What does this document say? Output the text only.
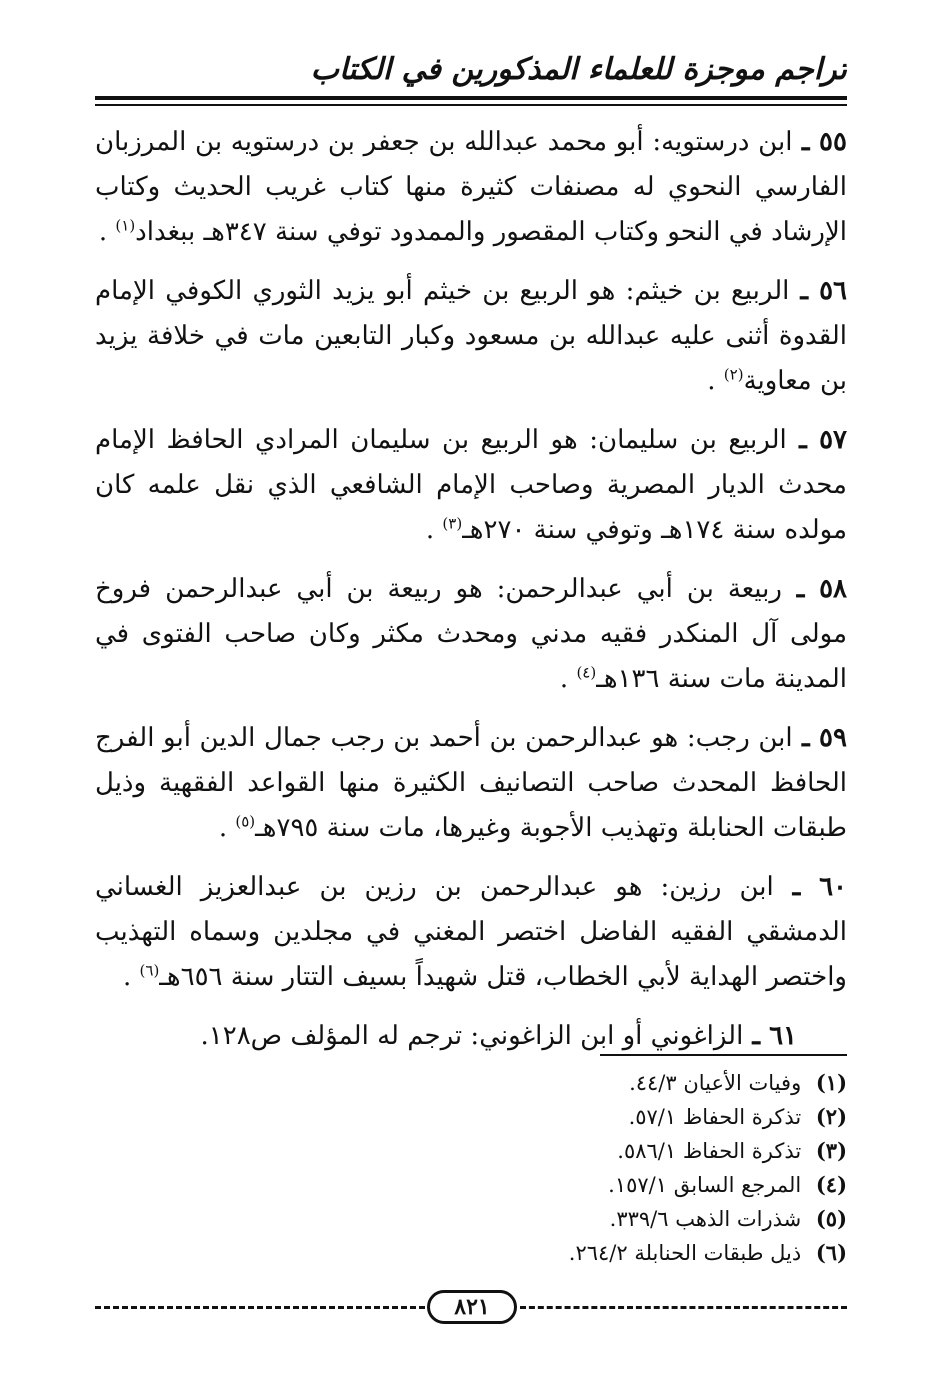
تراجم موجزة للعلماء المذكورين في الكتاب

٥٥ ـ ابن درستويه: أبو محمد عبدالله بن جعفر بن درستويه بن المرزبان الفارسي النحوي له مصنفات كثيرة منها كتاب غريب الحديث وكتاب الإرشاد في النحو وكتاب المقصور والممدود توفي سنة ٣٤٧هـ ببغداد$^{(١)}$ .

٥٦ ـ الربيع بن خيثم: هو الربيع بن خيثم أبو يزيد الثوري الكوفي الإمام القدوة أثنى عليه عبدالله بن مسعود وكبار التابعين مات في خلافة يزيد بن معاوية$^{(٢)}$ .

٥٧ ـ الربيع بن سليمان: هو الربيع بن سليمان المرادي الحافظ الإمام محدث الديار المصرية وصاحب الإمام الشافعي الذي نقل علمه كان مولده سنة ١٧٤هـ وتوفي سنة ٢٧٠هـ$^{(٣)}$ .

٥٨ ـ ربيعة بن أبي عبدالرحمن: هو ربيعة بن أبي عبدالرحمن فروخ مولى آل المنكدر فقيه مدني ومحدث مكثر وكان صاحب الفتوى في المدينة مات سنة ١٣٦هـ$^{(٤)}$ .

٥٩ ـ ابن رجب: هو عبدالرحمن بن أحمد بن رجب جمال الدين أبو الفرج الحافظ المحدث صاحب التصانيف الكثيرة منها القواعد الفقهية وذيل طبقات الحنابلة وتهذيب الأجوبة وغيرها، مات سنة ٧٩٥هـ$^{(٥)}$ .

٦٠ ـ ابن رزين: هو عبدالرحمن بن رزين بن عبدالعزيز الغساني الدمشقي الفقيه الفاضل اختصر المغني في مجلدين وسماه التهذيب واختصر الهداية لأبي الخطاب، قتل شهيداً بسيف التتار سنة ٦٥٦هـ$^{(٦)}$ .

٦١ ـ الزاغوني أو ابن الزاغوني: ترجم له المؤلف ص١٢٨.

(١)وفيات الأعيان ٤٤/٣.
(٢)تذكرة الحفاظ ٥٧/١.
(٣)تذكرة الحفاظ ٥٨٦/١.
(٤)المرجع السابق ١٥٧/١.
(٥)شذرات الذهب ٣٣٩/٦.
(٦)ذيل طبقات الحنابلة ٢٦٤/٢.
٨٢١
